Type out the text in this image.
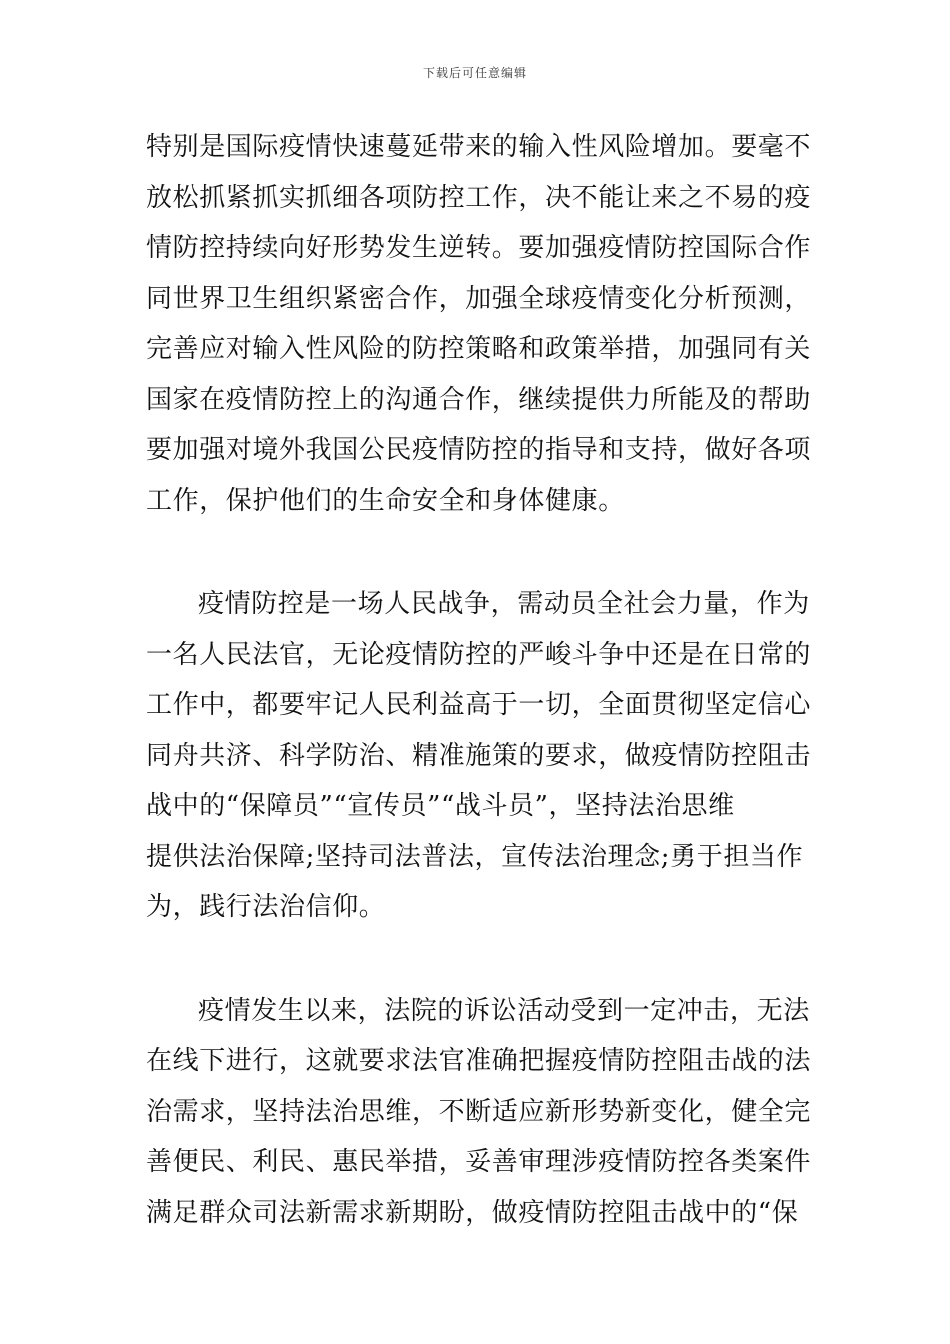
下载后可任意编辑
特别是国际疫情快速蔓延带来的输入性风险增加。要毫不
放松抓紧抓实抓细各项防控工作，决不能让来之不易的疫
情防控持续向好形势发生逆转。要加强疫情防控国际合作
同世界卫生组织紧密合作，加强全球疫情变化分析预测，
完善应对输入性风险的防控策略和政策举措，加强同有关
国家在疫情防控上的沟通合作，继续提供力所能及的帮助
要加强对境外我国公民疫情防控的指导和支持，做好各项
工作，保护他们的生命安全和身体健康。
疫情防控是一场人民战争，需动员全社会力量，作为
一名人民法官，无论疫情防控的严峻斗争中还是在日常的
工作中，都要牢记人民利益高于一切，全面贯彻坚定信心
同舟共济、科学防治、精准施策的要求，做疫情防控阻击
战中的“保障员”“宣传员”“战斗员”，坚持法治思维
提供法治保障;坚持司法普法，宣传法治理念;勇于担当作
为，践行法治信仰。
疫情发生以来，法院的诉讼活动受到一定冲击，无法
在线下进行，这就要求法官准确把握疫情防控阻击战的法
治需求，坚持法治思维，不断适应新形势新变化，健全完
善便民、利民、惠民举措，妥善审理涉疫情防控各类案件
满足群众司法新需求新期盼，做疫情防控阻击战中的“保
